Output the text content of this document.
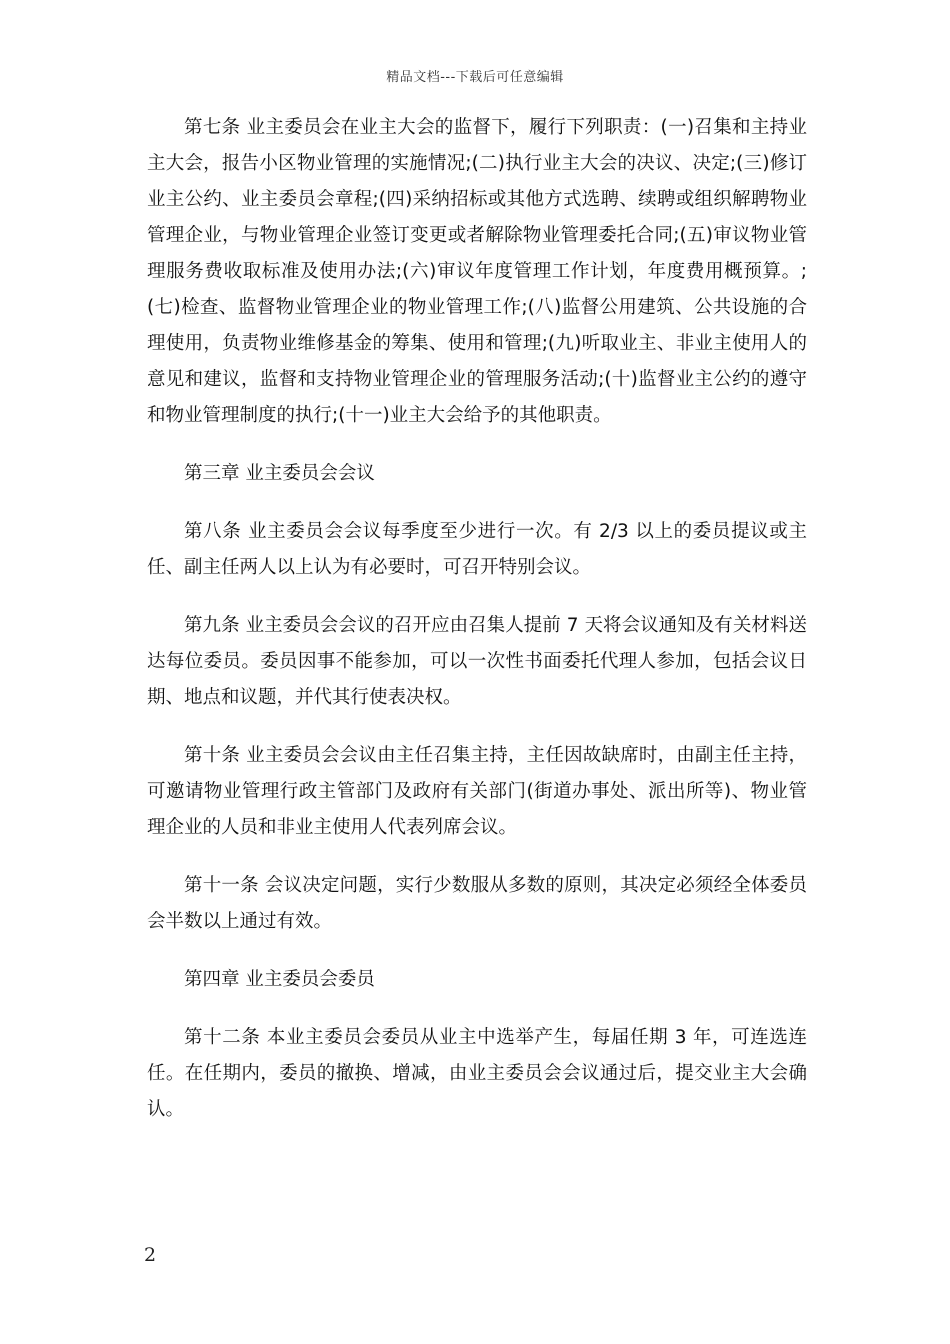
精品文档---下载后可任意编辑

第七条 业主委员会在业主大会的监督下，履行下列职责：(一)召集和主持业主大会，报告小区物业管理的实施情况;(二)执行业主大会的决议、决定;(三)修订业主公约、业主委员会章程;(四)采纳招标或其他方式选聘、续聘或组织解聘物业管理企业，与物业管理企业签订变更或者解除物业管理委托合同;(五)审议物业管理服务费收取标准及使用办法;(六)审议年度管理工作计划，年度费用概预算。;(七)检查、监督物业管理企业的物业管理工作;(八)监督公用建筑、公共设施的合理使用，负责物业维修基金的筹集、使用和管理;(九)听取业主、非业主使用人的意见和建议，监督和支持物业管理企业的管理服务活动;(十)监督业主公约的遵守和物业管理制度的执行;(十一)业主大会给予的其他职责。

第三章 业主委员会会议

第八条 业主委员会会议每季度至少进行一次。有 2/3 以上的委员提议或主任、副主任两人以上认为有必要时，可召开特别会议。

第九条 业主委员会会议的召开应由召集人提前 7 天将会议通知及有关材料送达每位委员。委员因事不能参加，可以一次性书面委托代理人参加，包括会议日期、地点和议题，并代其行使表决权。

第十条 业主委员会会议由主任召集主持，主任因故缺席时，由副主任主持，可邀请物业管理行政主管部门及政府有关部门(街道办事处、派出所等)、物业管理企业的人员和非业主使用人代表列席会议。

第十一条 会议决定问题，实行少数服从多数的原则，其决定必须经全体委员会半数以上通过有效。

第四章 业主委员会委员

第十二条 本业主委员会委员从业主中选举产生，每届任期 3 年，可连选连任。在任期内，委员的撤换、增减，由业主委员会会议通过后，提交业主大会确认。

2
